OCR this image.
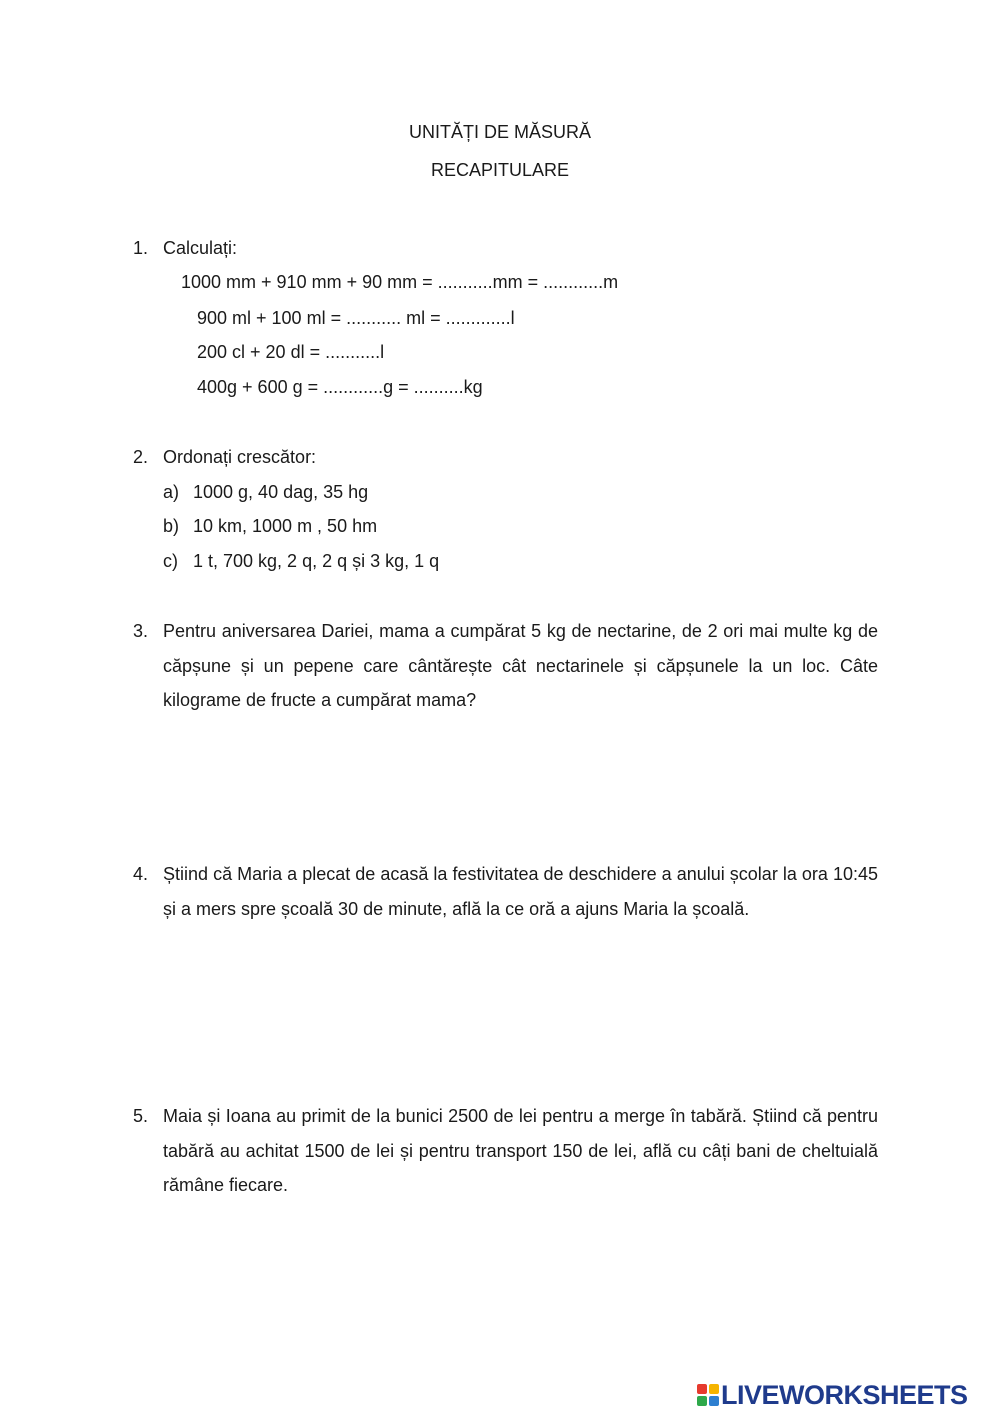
UNITĂȚI DE MĂSURĂ
RECAPITULARE
1. Calculați:
1000 mm + 910 mm + 90 mm = ...........mm = ............m
900 ml + 100 ml = ........... ml = .............l
200 cl + 20 dl = ...........l
400g + 600 g = ............g = ..........kg
2. Ordonați crescător:
a) 1000 g, 40 dag, 35 hg
b) 10 km, 1000 m , 50 hm
c) 1 t, 700 kg, 2 q, 2 q și 3 kg, 1 q
3. Pentru aniversarea Dariei, mama a cumpărat 5 kg de nectarine, de 2 ori mai multe kg de căpșune și un pepene care cântărește cât nectarinele și căpșunele la un loc. Câte kilograme de fructe a cumpărat mama?
4. Știind că Maria a plecat de acasă la festivitatea de deschidere a anului școlar la ora 10:45 și a mers spre școală 30 de minute, află la ce oră a ajuns Maria la școală.
5. Maia și Ioana au primit de la bunici 2500 de lei pentru a merge în tabără. Știind că pentru tabără au achitat 1500 de lei și pentru transport 150 de lei, află cu câți bani de cheltuială rămâne fiecare.
LIVEWORKSHEETS
